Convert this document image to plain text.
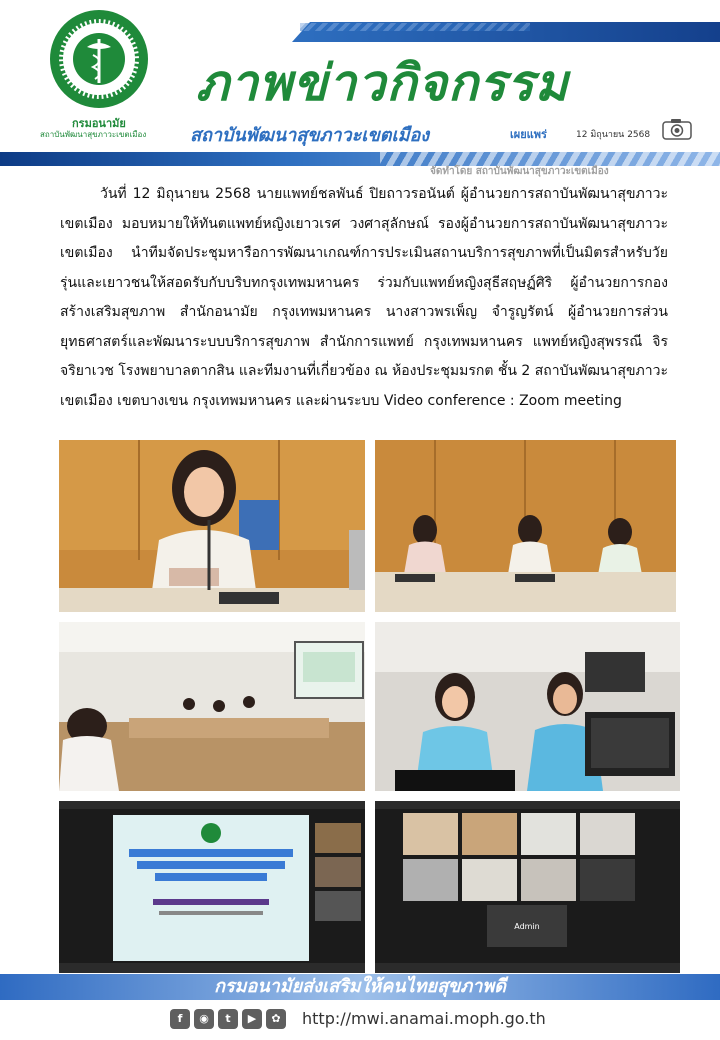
กรมอนามัย
สถาบันพัฒนาสุขภาวะเขตเมือง
ภาพข่าวกิจกรรม
สถาบันพัฒนาสุขภาวะเขตเมือง	เผยแพร่	12 มิถุนายน 2568
จัดทำโดย สถาบันพัฒนาสุขภาวะเขตเมือง

วันที่ 12 มิถุนายน 2568 นายแพทย์ชลพันธ์ ปิยถาวรอนันต์ ผู้อำนวยการสถาบันพัฒนาสุขภาวะเขตเมือง มอบหมายให้ทันตแพทย์หญิงเยาวเรศ วงศาสุลักษณ์ รองผู้อำนวยการสถาบันพัฒนาสุขภาวะเขตเมือง นำทีมจัดประชุมหารือการพัฒนาเกณฑ์การประเมินสถานบริการสุขภาพที่เป็นมิตรสำหรับวัยรุ่นและเยาวชนให้สอดรับกับบริบทกรุงเทพมหานคร ร่วมกับแพทย์หญิงสุธีสฤษฏ์ศิริ ผู้อำนวยการกองสร้างเสริมสุขภาพ สำนักอนามัย กรุงเทพมหานคร นางสาวพรเพ็ญ จำรูญรัตน์ ผู้อำนวยการส่วนยุทธศาสตร์และพัฒนาระบบบริการสุขภาพ สำนักการแพทย์ กรุงเทพมหานคร แพทย์หญิงสุพรรณี จิรจริยาเวช โรงพยาบาลตากสิน และทีมงานที่เกี่ยวข้อง ณ ห้องประชุมมรกต ชั้น 2 สถาบันพัฒนาสุขภาวะเขตเมือง เขตบางเขน กรุงเทพมหานคร และผ่านระบบ Video conference : Zoom meeting

Admin
กรมอนามัยส่งเสริมให้คนไทยสุขภาพดี
f	◉	t	▶	✿	http://mwi.anamai.moph.go.th
